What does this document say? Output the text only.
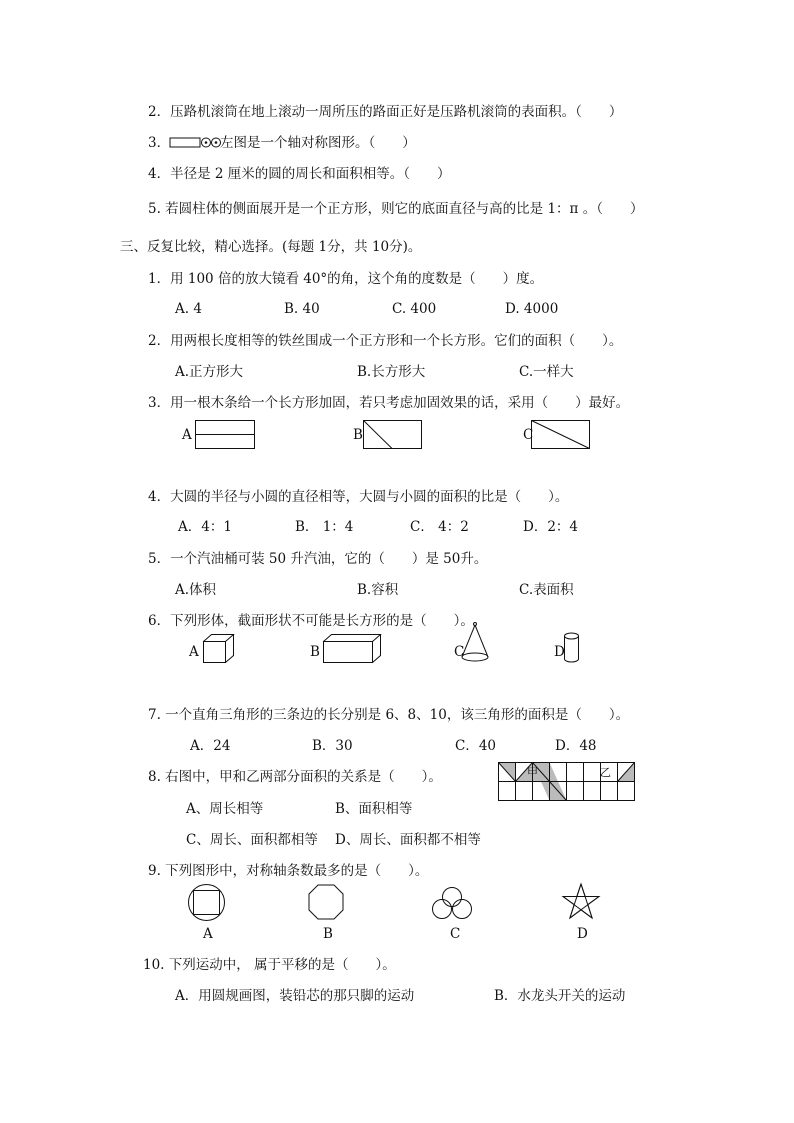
2．压路机滚筒在地上滚动一周所压的路面正好是压路机滚筒的表面积。（　　）
3．	左图是一个轴对称图形。（　　）
4．半径是 2 厘米的圆的周长和面积相等。（　　）
5. 若圆柱体的侧面展开是一个正方形，则它的底面直径与高的比是 1：π 。（　　）
三、反复比较，精心选择。(每题 1分，共 10分)。
1．用 100 倍的放大镜看 40°的角，这个角的度数是（　　）度。
A. 4	B. 40	C. 400	D. 4000
2．用两根长度相等的铁丝围成一个正方形和一个长方形。它们的面积（　　）。
A.正方形大	B.长方形大	C.一样大
3．用一根木条给一个长方形加固，若只考虑加固效果的话，采用（　　）最好。
A	B	C
4．大圆的半径与小圆的直径相等，大圆与小圆的面积的比是（　　）。
A．4：1	B． 1：4	C． 4：2	D．2：4
5．一个汽油桶可装 50 升汽油，它的（　　）是 50升。
A.体积	B.容积	C.表面积
6．下列形体，截面形状不可能是长方形的是（　　）。
A	B	C	D
7. 一个直角三角形的三条边的长分别是 6、8、10，该三角形的面积是（　　）。
A．24	B．30	C．40	D．48
8. 右图中，甲和乙两部分面积的关系是（　　）。	甲	乙
A、周长相等	B、面积相等
C、周长、面积都相等 D、周长、面积都不相等
9. 下列图形中，对称轴条数最多的是（　　）。
A	B	C	D
10. 下列运动中， 属于平移的是（　　）。
A．用圆规画图，装铅芯的那只脚的运动	B．水龙头开关的运动
